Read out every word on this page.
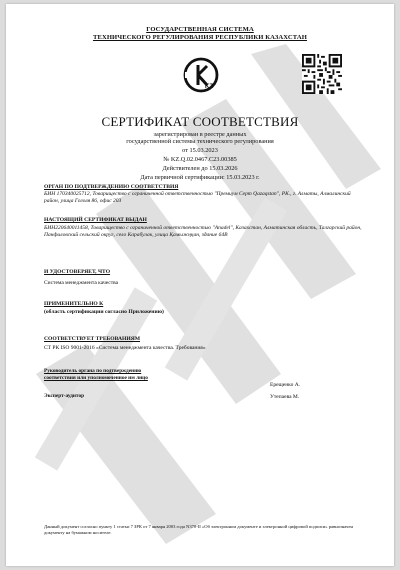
ГОСУДАРСТВЕННАЯ СИСТЕМА
ТЕХНИЧЕСКОГО РЕГУЛИРОВАНИЯ РЕСПУБЛИКИ КАЗАХСТАН
KZ
СЕРТИФИКАТ СООТВЕТСТВИЯ
зарегистрирован в реестре данных
государственной системы технического регулирования
от 15.03.2023
№ KZ.Q.02.0467.C23.00385
Действителен до 15.03.2026
Дата первичной сертификации: 15.03.2023 г.
ОРГАН ПО ПОДТВЕРЖДЕНИЮ СООТВЕТСТВИЯ
БИН 170340025712, Товарищество с ограниченной ответственностью "Премиум Серт Qazaqstan", РК., г. Алматы, Алмалинский район, улица Гоголя 86, офис 203
НАСТОЯЩИЙ СЕРТИФИКАТ ВЫДАН
БИН220640011458, Товарищество с ограниченной ответственностью "Anadel", Казахстан, Алматинская область, Талгарский район, Панфиловский сельский округ, село Карабулак, улица Қамыжңқан, здание 64В
И УДОСТОВЕРЯЕТ, ЧТО
Система менеджмента качества
ПРИМЕНИТЕЛЬНО К
(область сертификации согласно Приложению)
СООТВЕТСТВУЕТ ТРЕБОВАНИЯМ
СТ РК ISO 9001-2016 «Система менеджмента качества. Требования»
Руководитель органа по подтверждению
соответствия или уполномоченное им лицо
Ерещенко А.
Эксперт-аудитор	Утепаева М.
Данный документ согласно пункту 1 статьи 7 ЗРК от 7 января 2003 года N370-II «Об электронном документе и электронной цифровой подписи» равнозначен документу на бумажном носителе.
